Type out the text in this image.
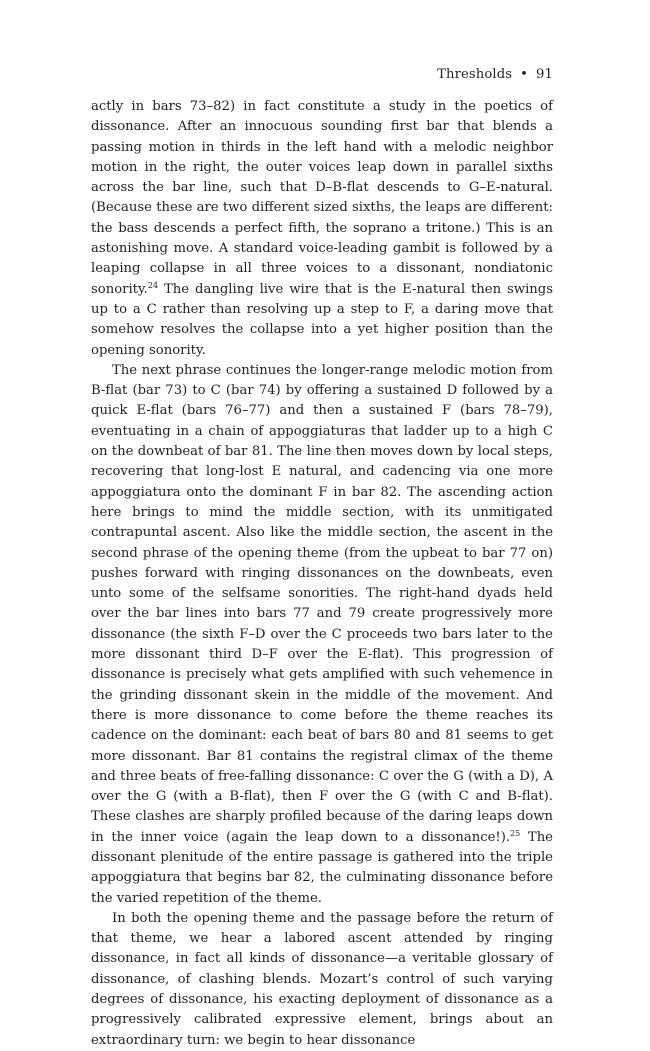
Thresholds • 91

actly in bars 73–82) in fact constitute a study in the poetics of dissonance. After an innocuous sounding first bar that blends a passing motion in thirds in the left hand with a melodic neighbor motion in the right, the outer voices leap down in parallel sixths across the bar line, such that D–B-flat descends to G–E-natural. (Because these are two different sized sixths, the leaps are different: the bass descends a perfect fifth, the soprano a tritone.) This is an astonishing move. A standard voice-leading gambit is followed by a leaping collapse in all three voices to a dissonant, nondiatonic sonority.$^{24}$ The dangling live wire that is the E-natural then swings up to a C rather than resolving up a step to F, a daring move that somehow resolves the collapse into a yet higher position than the opening sonority.

The next phrase continues the longer-range melodic motion from B-flat (bar 73) to C (bar 74) by offering a sustained D followed by a quick E-flat (bars 76–77) and then a sustained F (bars 78–79), eventuating in a chain of appoggiaturas that ladder up to a high C on the downbeat of bar 81. The line then moves down by local steps, recovering that long-lost E natural, and cadencing via one more appoggiatura onto the dominant F in bar 82. The ascending action here brings to mind the middle section, with its unmitigated contrapuntal ascent. Also like the middle section, the ascent in the second phrase of the opening theme (from the upbeat to bar 77 on) pushes forward with ringing dissonances on the downbeats, even unto some of the selfsame sonorities. The right-hand dyads held over the bar lines into bars 77 and 79 create progressively more dissonance (the sixth F–D over the C proceeds two bars later to the more dissonant third D–F over the E-flat). This progression of dissonance is precisely what gets amplified with such vehemence in the grinding dissonant skein in the middle of the movement. And there is more dissonance to come before the theme reaches its cadence on the dominant: each beat of bars 80 and 81 seems to get more dissonant. Bar 81 contains the registral climax of the theme and three beats of free-falling dissonance: C over the G (with a D), A over the G (with a B-flat), then F over the G (with C and B-flat). These clashes are sharply profiled because of the daring leaps down in the inner voice (again the leap down to a dissonance!).$^{25}$ The dissonant plenitude of the entire passage is gathered into the triple appoggiatura that begins bar 82, the culminating dissonance before the varied repetition of the theme.

In both the opening theme and the passage before the return of that theme, we hear a labored ascent attended by ringing dissonance, in fact all kinds of dissonance—a veritable glossary of dissonance, of clashing blends. Mozart’s control of such varying degrees of dissonance, his exacting deployment of dissonance as a progressively calibrated expressive element, brings about an extraordinary turn: we begin to hear dissonance
